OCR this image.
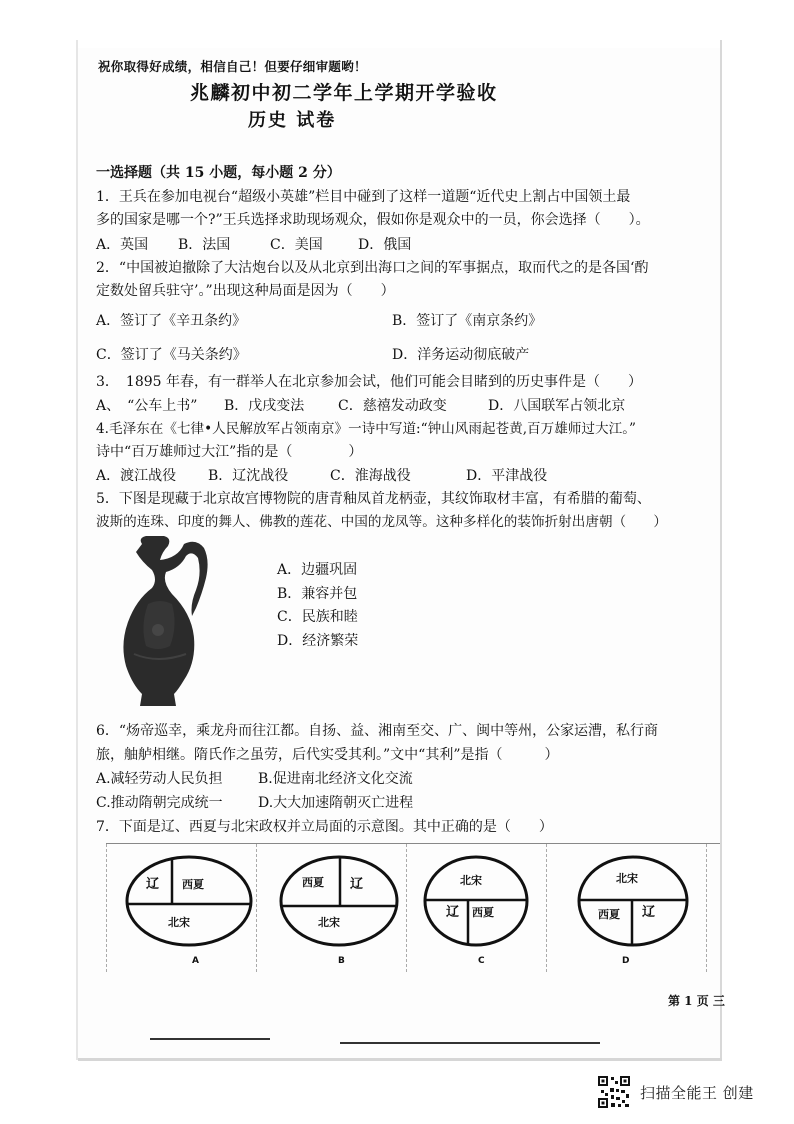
祝你取得好成绩，相信自己！但要仔细审题哟！
兆麟初中初二学年上学期开学验收
历史 试卷
一选择题（共 15 小题，每小题 2 分）
1．王兵在参加电视台“超级小英雄”栏目中碰到了这样一道题“近代史上割占中国领土最
多的国家是哪一个?”王兵选择求助现场观众，假如你是观众中的一员，你会选择（　　）。
A．英国 B．法国	C．美国	D．俄国
2．“中国被迫撤除了大沽炮台以及从北京到出海口之间的军事据点，取而代之的是各国‘酌
定数处留兵驻守’。”出现这种局面是因为（　　）
A．签订了《辛丑条约》	B．签订了《南京条约》
C．签订了《马关条约》	D．洋务运动彻底破产
3．　1895 年春，有一群举人在北京参加会试，他们可能会目睹到的历史事件是（　　）
A、　“公车上书” B．戊戌变法 C．慈禧发动政变	D．八国联军占领北京
4.毛泽东在《七律•人民解放军占领南京》一诗中写道:“钟山风雨起苍黄,百万雄师过大江。”
诗中“百万雄师过大江”指的是（　　　　）
A．渡江战役 B．辽沈战役	C．淮海战役	D．平津战役
5．下图是现藏于北京故宫博物院的唐青釉凤首龙柄壶，其纹饰取材丰富，有希腊的葡萄、
波斯的连珠、印度的舞人、佛教的莲花、中国的龙凤等。这种多样化的装饰折射出唐朝（　　）
A．边疆巩固
B．兼容并包
C．民族和睦
D．经济繁荣
6．“炀帝巡幸，乘龙舟而往江都。自扬、益、湘南至交、广、闽中等州，公家运漕，私行商
旅，舳舻相继。隋氏作之虽劳，后代实受其利。”文中“其利”是指（　　　）
A.减轻劳动人民负担	B.促进南北经济文化交流
C.推动隋朝完成统一	D.大大加速隋朝灭亡进程
7．下面是辽、西夏与北宋政权并立局面的示意图。其中正确的是（　　）
辽 西夏
北宋
A
西夏 辽
北宋
B
北宋
辽 西夏
C
北宋
西夏 辽
D
第 1 页 三
扫描全能王 创建
